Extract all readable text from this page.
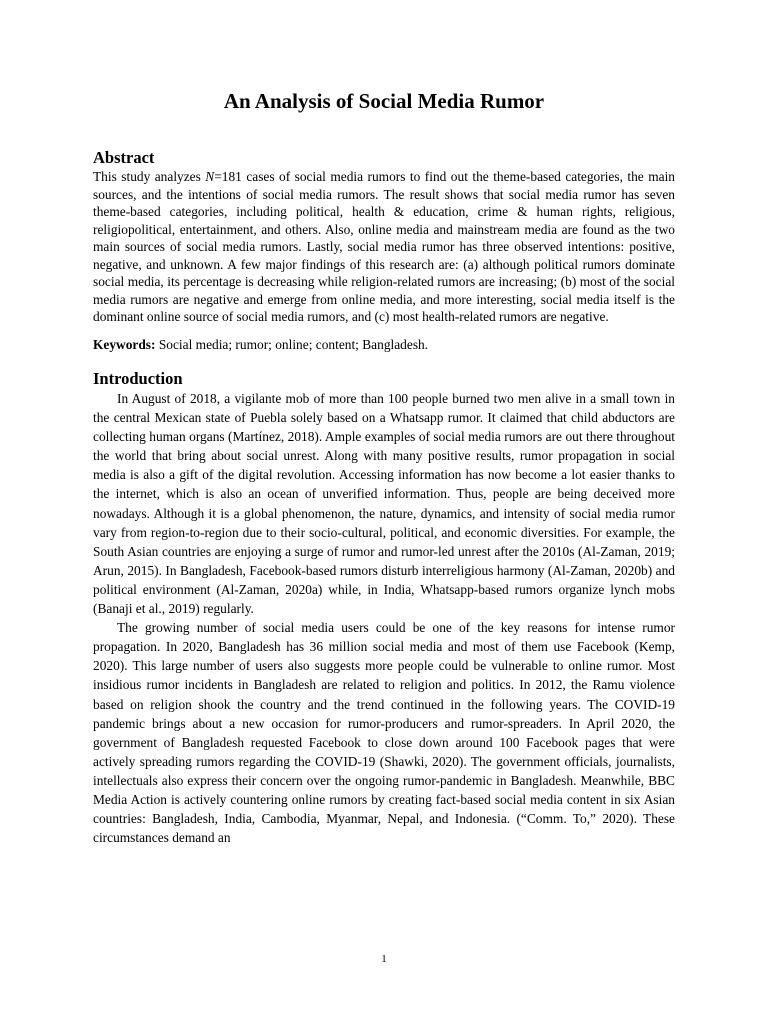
An Analysis of Social Media Rumor
Abstract

This study analyzes N=181 cases of social media rumors to find out the theme-based categories, the main sources, and the intentions of social media rumors. The result shows that social media rumor has seven theme-based categories, including political, health & education, crime & human rights, religious, religiopolitical, entertainment, and others. Also, online media and mainstream media are found as the two main sources of social media rumors. Lastly, social media rumor has three observed intentions: positive, negative, and unknown. A few major findings of this research are: (a) although political rumors dominate social media, its percentage is decreasing while religion-related rumors are increasing; (b) most of the social media rumors are negative and emerge from online media, and more interesting, social media itself is the dominant online source of social media rumors, and (c) most health-related rumors are negative.

Keywords: Social media; rumor; online; content; Bangladesh.

Introduction

In August of 2018, a vigilante mob of more than 100 people burned two men alive in a small town in the central Mexican state of Puebla solely based on a Whatsapp rumor. It claimed that child abductors are collecting human organs (Martínez, 2018). Ample examples of social media rumors are out there throughout the world that bring about social unrest. Along with many positive results, rumor propagation in social media is also a gift of the digital revolution. Accessing information has now become a lot easier thanks to the internet, which is also an ocean of unverified information. Thus, people are being deceived more nowadays. Although it is a global phenomenon, the nature, dynamics, and intensity of social media rumor vary from region-to-region due to their socio-cultural, political, and economic diversities. For example, the South Asian countries are enjoying a surge of rumor and rumor-led unrest after the 2010s (Al-Zaman, 2019; Arun, 2015). In Bangladesh, Facebook-based rumors disturb interreligious harmony (Al-Zaman, 2020b) and political environment (Al-Zaman, 2020a) while, in India, Whatsapp-based rumors organize lynch mobs (Banaji et al., 2019) regularly.

The growing number of social media users could be one of the key reasons for intense rumor propagation. In 2020, Bangladesh has 36 million social media and most of them use Facebook (Kemp, 2020). This large number of users also suggests more people could be vulnerable to online rumor. Most insidious rumor incidents in Bangladesh are related to religion and politics. In 2012, the Ramu violence based on religion shook the country and the trend continued in the following years. The COVID-19 pandemic brings about a new occasion for rumor-producers and rumor-spreaders. In April 2020, the government of Bangladesh requested Facebook to close down around 100 Facebook pages that were actively spreading rumors regarding the COVID-19 (Shawki, 2020). The government officials, journalists, intellectuals also express their concern over the ongoing rumor-pandemic in Bangladesh. Meanwhile, BBC Media Action is actively countering online rumors by creating fact-based social media content in six Asian countries: Bangladesh, India, Cambodia, Myanmar, Nepal, and Indonesia. (“Comm. To,” 2020). These circumstances demand an

1
